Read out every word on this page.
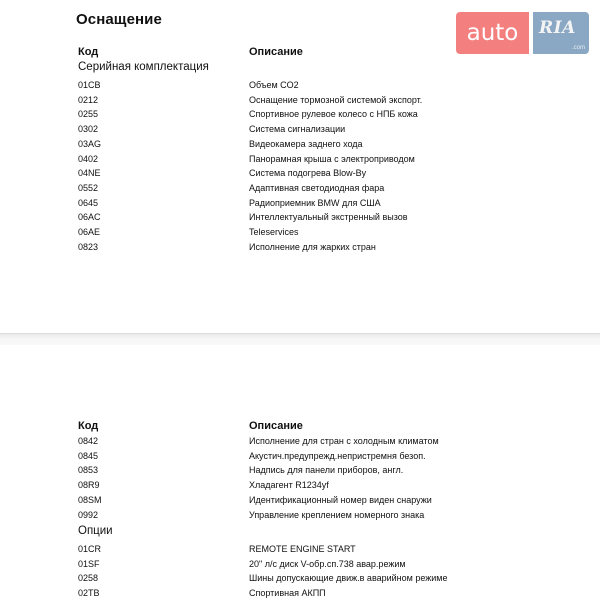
Оснащение
auto	RIA
.com
Код	Описание
Серийная комплектация
01CB	Объем CO2
0212	Оснащение тормозной системой экспорт.
0255	Спортивное рулевое колесо с НПБ кожа
0302	Система сигнализации
03AG	Видеокамера заднего хода
0402	Панорамная крыша с электроприводом
04NE	Система подогрева Blow-By
0552	Адаптивная светодиодная фара
0645	Радиоприемник BMW для США
06AC	Интеллектуальный экстренный вызов
06AE	Teleservices
0823	Исполнение для жарких стран
Код	Описание
0842	Исполнение для стран с холодным климатом
0845	Акустич.предупрежд.непристремня безоп.
0853	Надпись для панели приборов, англ.
08R9	Хладагент R1234yf
08SM	Идентификационный номер виден снаружи
0992	Управление креплением номерного знака
Опции
01CR	REMOTE ENGINE START
01SF	20" л/с диск V-обр.сп.738 авар.режим
0258	Шины допускающие движ.в аварийном режиме
02TB	Спортивная АКПП
